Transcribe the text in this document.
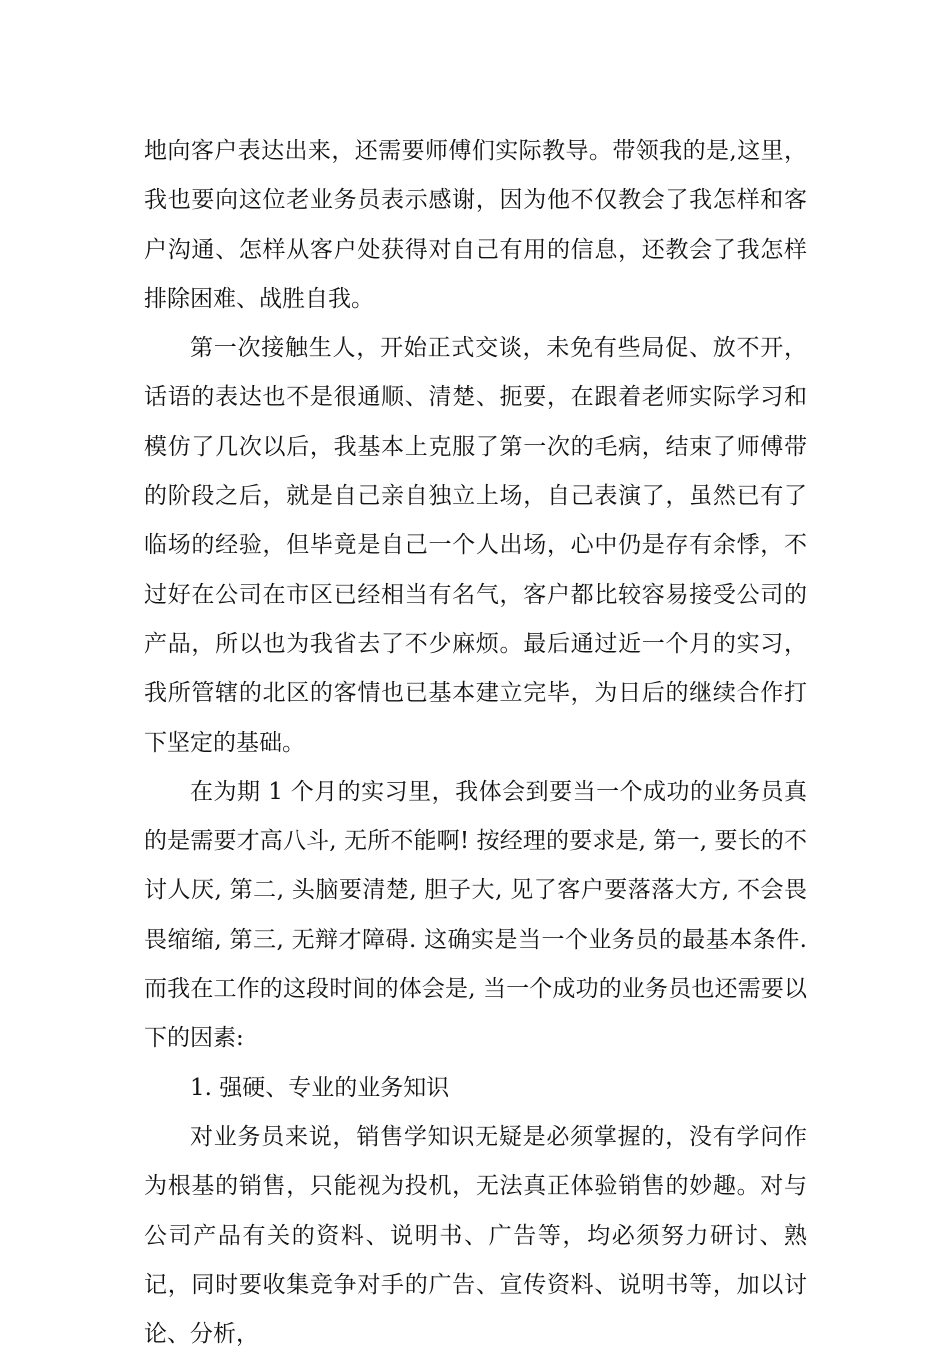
地向客户表达出来，还需要师傅们实际教导。带领我的是,这里，我也要向这位老业务员表示感谢，因为他不仅教会了我怎样和客户沟通、怎样从客户处获得对自己有用的信息，还教会了我怎样排除困难、战胜自我。

第一次接触生人，开始正式交谈，未免有些局促、放不开，话语的表达也不是很通顺、清楚、扼要，在跟着老师实际学习和模仿了几次以后，我基本上克服了第一次的毛病，结束了师傅带的阶段之后，就是自己亲自独立上场，自己表演了，虽然已有了临场的经验，但毕竟是自己一个人出场，心中仍是存有余悸，不过好在公司在市区已经相当有名气，客户都比较容易接受公司的产品，所以也为我省去了不少麻烦。最后通过近一个月的实习，我所管辖的北区的客情也已基本建立完毕，为日后的继续合作打下坚定的基础。

在为期 1 个月的实习里，我体会到要当一个成功的业务员真的是需要才高八斗, 无所不能啊! 按经理的要求是, 第一, 要长的不讨人厌, 第二, 头脑要清楚, 胆子大, 见了客户要落落大方, 不会畏畏缩缩, 第三, 无辩才障碍. 这确实是当一个业务员的最基本条件. 而我在工作的这段时间的体会是, 当一个成功的业务员也还需要以下的因素:

1. 强硬、专业的业务知识

对业务员来说，销售学知识无疑是必须掌握的，没有学问作为根基的销售，只能视为投机，无法真正体验销售的妙趣。对与公司产品有关的资料、说明书、广告等，均必须努力研讨、熟记，同时要收集竞争对手的广告、宣传资料、说明书等，加以讨论、分析，
